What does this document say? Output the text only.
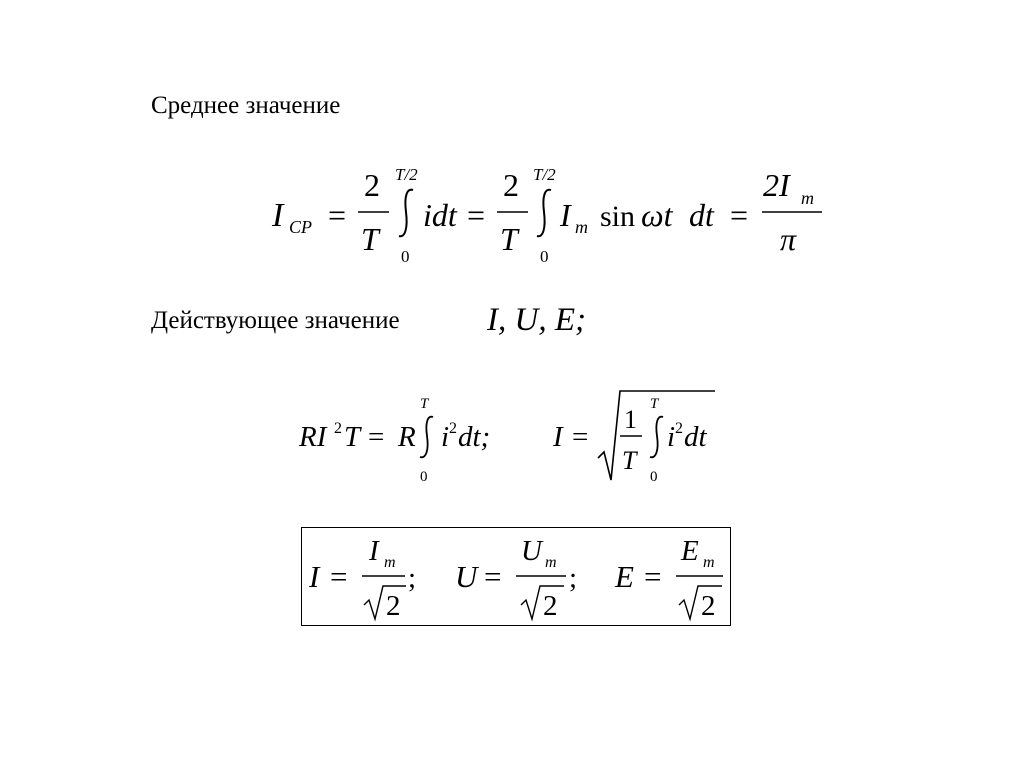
Среднее значение
Действующее значение	I, U, E;
I CP =
2
T
T/2
0
idt =
2
T
T/2
0
I m sin ωt dt =
2I m
π
RI 2 T = R
T
0
i 2 dt; I =
1
T
T
0
i 2 dt
I =
I m
2
; U =
U m
2
; E =
E m
2
